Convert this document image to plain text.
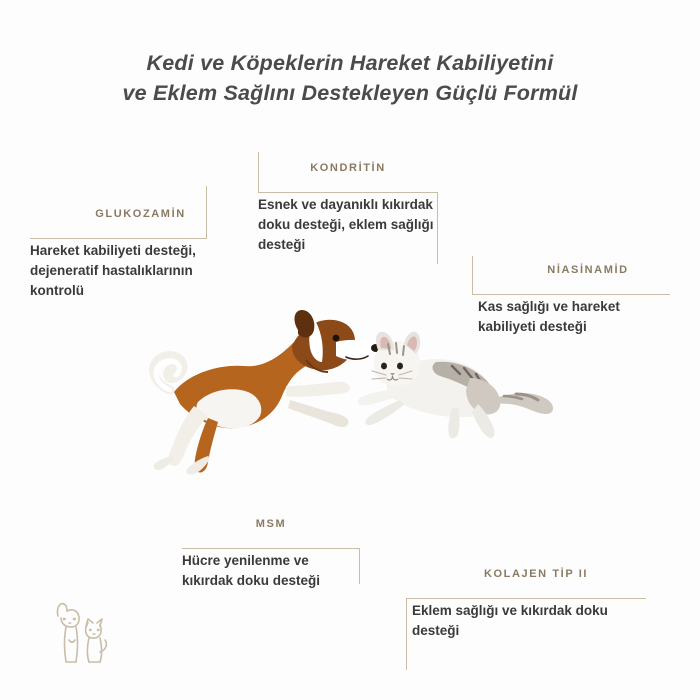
Kedi ve Köpeklerin Hareket Kabiliyetini
ve Eklem Sağlını Destekleyen Güçlü Formül
GLUKOZAMİN
Hareket kabiliyeti desteği, dejeneratif hastalıklarının kontrolü
KONDRİTİN
Esnek ve dayanıklı kıkırdak doku desteği, eklem sağlığı desteği
NİASİNAMİD
Kas sağlığı ve hareket kabiliyeti desteği
MSM
Hücre yenilenme ve kıkırdak doku desteği	KOLAJEN TİP II
Eklem sağlığı ve kıkırdak doku desteği
